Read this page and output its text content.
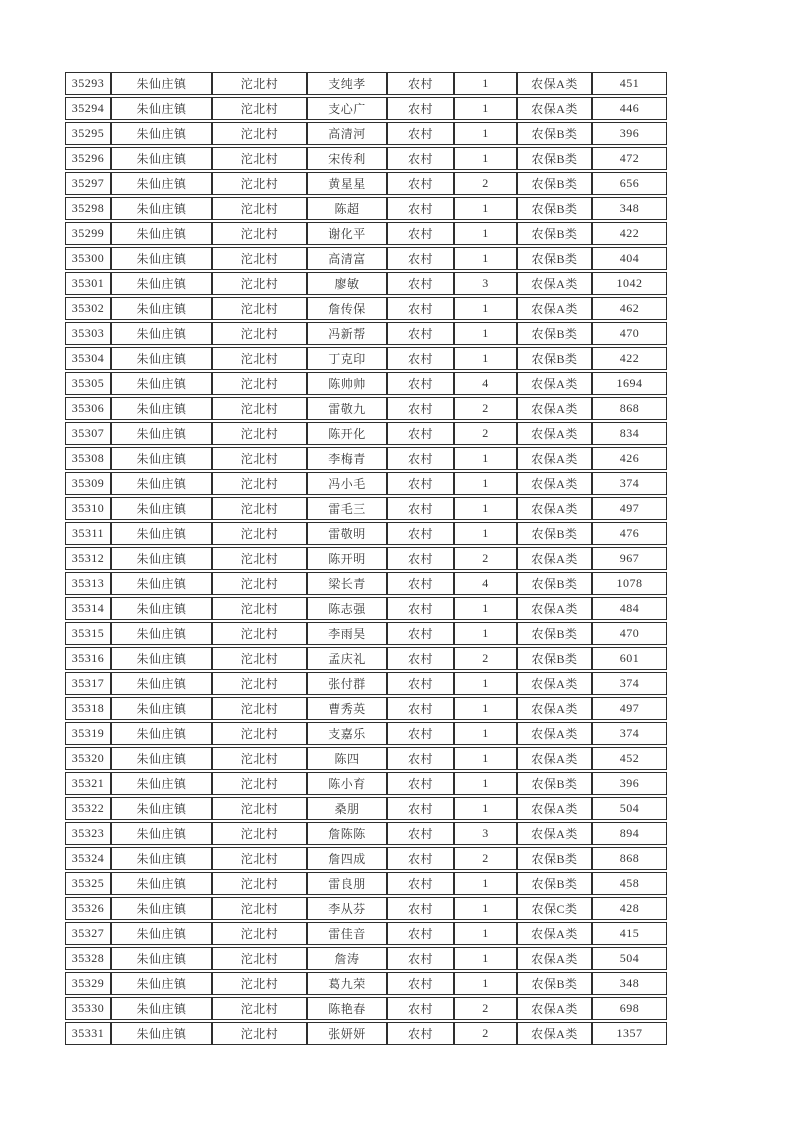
35293	朱仙庄镇	沱北村	支纯孝	农村	1	农保A类	451
35294	朱仙庄镇	沱北村	支心广	农村	1	农保A类	446
35295	朱仙庄镇	沱北村	高清河	农村	1	农保B类	396
35296	朱仙庄镇	沱北村	宋传利	农村	1	农保B类	472
35297	朱仙庄镇	沱北村	黄星星	农村	2	农保B类	656
35298	朱仙庄镇	沱北村	陈超	农村	1	农保B类	348
35299	朱仙庄镇	沱北村	谢化平	农村	1	农保B类	422
35300	朱仙庄镇	沱北村	高清富	农村	1	农保B类	404
35301	朱仙庄镇	沱北村	廖敏	农村	3	农保A类	1042
35302	朱仙庄镇	沱北村	詹传保	农村	1	农保A类	462
35303	朱仙庄镇	沱北村	冯新帮	农村	1	农保B类	470
35304	朱仙庄镇	沱北村	丁克印	农村	1	农保B类	422
35305	朱仙庄镇	沱北村	陈帅帅	农村	4	农保A类	1694
35306	朱仙庄镇	沱北村	雷敬九	农村	2	农保A类	868
35307	朱仙庄镇	沱北村	陈开化	农村	2	农保A类	834
35308	朱仙庄镇	沱北村	李梅青	农村	1	农保A类	426
35309	朱仙庄镇	沱北村	冯小毛	农村	1	农保A类	374
35310	朱仙庄镇	沱北村	雷毛三	农村	1	农保A类	497
35311	朱仙庄镇	沱北村	雷敬明	农村	1	农保B类	476
35312	朱仙庄镇	沱北村	陈开明	农村	2	农保A类	967
35313	朱仙庄镇	沱北村	梁长青	农村	4	农保B类	1078
35314	朱仙庄镇	沱北村	陈志强	农村	1	农保A类	484
35315	朱仙庄镇	沱北村	李雨昊	农村	1	农保B类	470
35316	朱仙庄镇	沱北村	孟庆礼	农村	2	农保B类	601
35317	朱仙庄镇	沱北村	张付群	农村	1	农保A类	374
35318	朱仙庄镇	沱北村	曹秀英	农村	1	农保A类	497
35319	朱仙庄镇	沱北村	支嘉乐	农村	1	农保A类	374
35320	朱仙庄镇	沱北村	陈四	农村	1	农保A类	452
35321	朱仙庄镇	沱北村	陈小育	农村	1	农保B类	396
35322	朱仙庄镇	沱北村	桑朋	农村	1	农保A类	504
35323	朱仙庄镇	沱北村	詹陈陈	农村	3	农保A类	894
35324	朱仙庄镇	沱北村	詹四成	农村	2	农保B类	868
35325	朱仙庄镇	沱北村	雷良朋	农村	1	农保B类	458
35326	朱仙庄镇	沱北村	李从芬	农村	1	农保C类	428
35327	朱仙庄镇	沱北村	雷佳音	农村	1	农保A类	415
35328	朱仙庄镇	沱北村	詹涛	农村	1	农保A类	504
35329	朱仙庄镇	沱北村	葛九荣	农村	1	农保B类	348
35330	朱仙庄镇	沱北村	陈艳春	农村	2	农保A类	698
35331	朱仙庄镇	沱北村	张妍妍	农村	2	农保A类	1357
